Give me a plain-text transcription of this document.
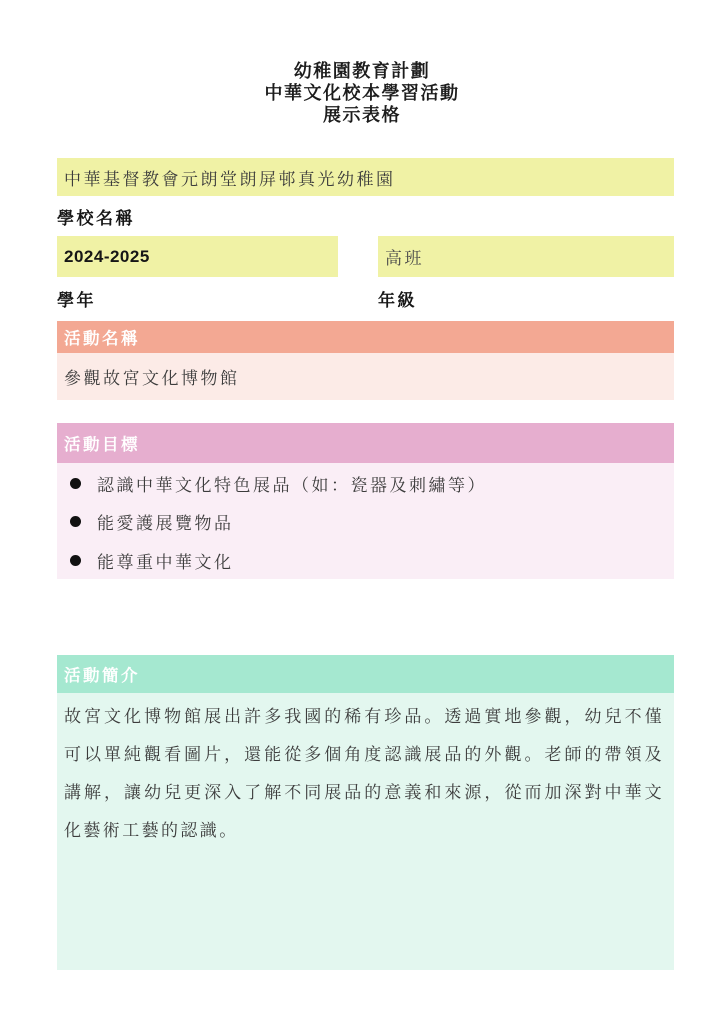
幼稚園教育計劃
中華文化校本學習活動
展示表格
中華基督教會元朗堂朗屏邨真光幼稚園
學校名稱
2024-2025	高班
學年	年級
活動名稱
參觀故宮文化博物館
活動目標
認識中華文化特色展品（如：瓷器及刺繡等）
能愛護展覽物品
能尊重中華文化
活動簡介
故宮文化博物館展出許多我國的稀有珍品。透過實地參觀，幼兒不僅可以單純觀看圖片，還能從多個角度認識展品的外觀。老師的帶領及講解，讓幼兒更深入了解不同展品的意義和來源，從而加深對中華文化藝術工藝的認識。
